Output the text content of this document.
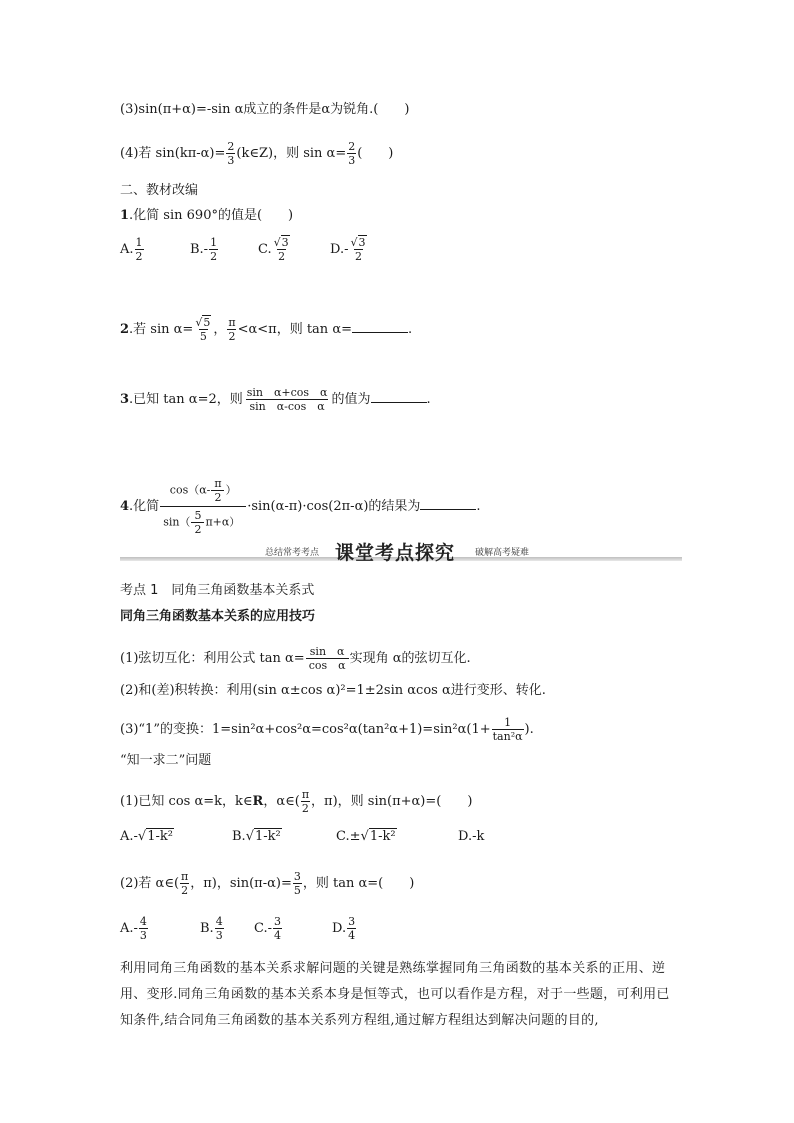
(3)sin(π+α)=-sin α成立的条件是α为锐角.(　　)
(4)若 $\sin(k\pi-\alpha)= \frac{2}{3}$ (k∈Z)，则 $\sin \alpha= \frac{2}{3}$ (　　)
二、教材改编
1.化简 sin 690°的值是(　　)
A. $\frac{1}{2}$	$B.- \frac{1}{2}$	C. $\frac{√3}{2}$	$D.- \frac{√3}{2}$
2.若 $\sin \alpha= \frac{√5}{5}$ ， $\frac{\pi}{2} <\alpha<\pi$，则 tan α=	.
3.已知 tan α=2，则 $\frac{\text{sin　α+cos　α}}{\text{sin　α-cos　α}}$ 的值为	.
4.化简 $\frac{\cos(\alpha- \frac{\pi}{2} )}{\sin( \frac{5}{2} \pi+\alpha)} \cdot\sin(\alpha-\pi)\cdot\cos(2\pi-\alpha)$的结果为	.
总结常考考点 课堂考点探究 破解高考疑难
考点 1　同角三角函数基本关系式
同角三角函数基本关系的应用技巧
(1)弦切互化：利用公式 $\tan \alpha= \frac{\text{sin　α}}{\text{cos　α}}$ 实现角 α的弦切互化.
(2)和(差)积转换：利用(sin α±cos α)²=1±2sin αcos α进行变形、转化.
(3)“1”的变换：$1=\sin^2\alpha+\cos^2\alpha=\cos^2\alpha(\tan^2\alpha+1)=\sin^2\alpha(1+ \frac{1}{\text{tan²α}}$ ).
“知一求二”问题
(1)已知 cos α=k，k∈R，α∈( $\frac{\pi}{2}$ ，π)，则 sin(π+α)=(　　)
A.-√1-k²	B.√1-k²	C.±√1-k²	D.-k
(2)若 α∈( $\frac{\pi}{2}$ ，π)，$\sin(\pi-\alpha)= \frac{3}{5}$ ，则 tan α=(　　)
$A.- \frac{4}{3}$	B. $\frac{4}{3} C.- \frac{3}{4}$	D. $\frac{3}{4}$
利用同角三角函数的基本关系求解问题的关键是熟练掌握同角三角函数的基本关系的正用、逆用、变形.同角三角函数的基本关系本身是恒等式，也可以看作是方程，对于一些题，可利用已知条件,结合同角三角函数的基本关系列方程组,通过解方程组达到解决问题的目的,
